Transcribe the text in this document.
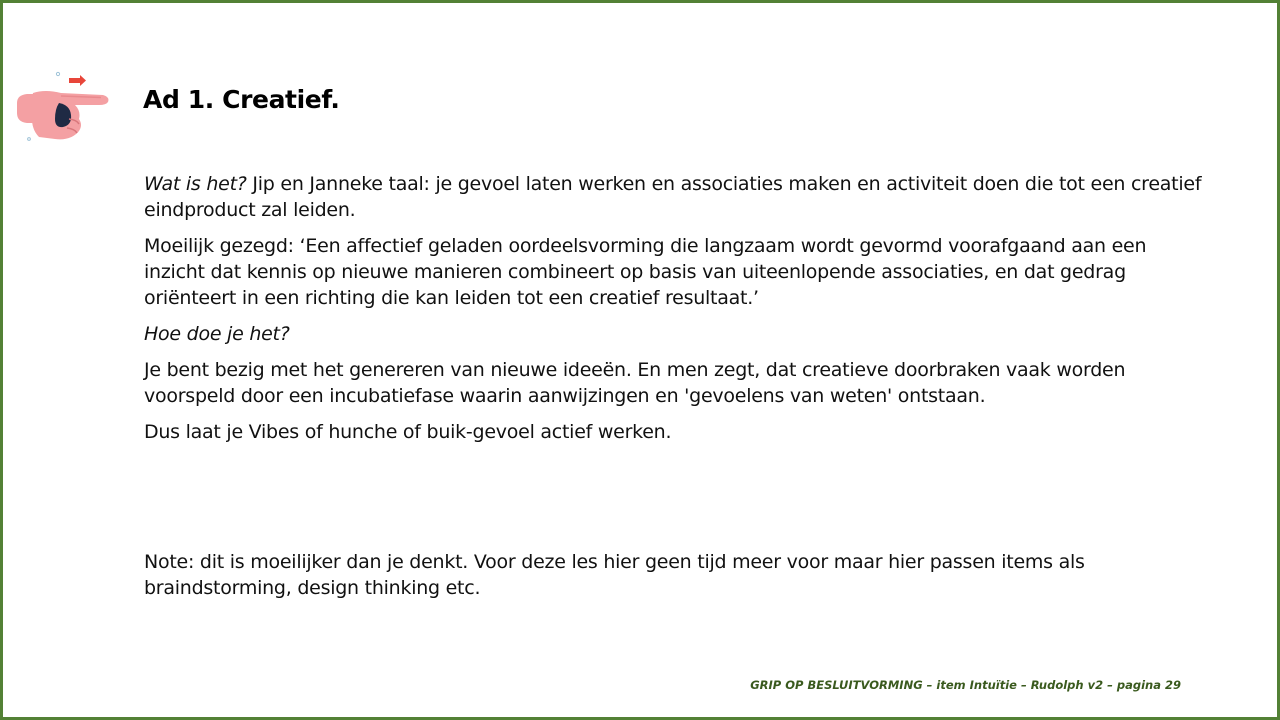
Ad 1. Creatief.

Wat is het? Jip en Janneke taal: je gevoel laten werken en associaties maken en activiteit doen die tot een creatief eindproduct zal leiden.

Moeilijk gezegd: ‘Een affectief geladen oordeelsvorming die langzaam wordt gevormd voorafgaand aan een inzicht dat kennis op nieuwe manieren combineert op basis van uiteenlopende associaties, en dat gedrag oriënteert in een richting die kan leiden tot een creatief resultaat.’

Hoe doe je het?

Je bent bezig met het genereren van nieuwe ideeën. En men zegt, dat creatieve doorbraken vaak worden voorspeld door een incubatiefase waarin aanwijzingen en 'gevoelens van weten' ontstaan.

Dus laat je Vibes of hunche of buik-gevoel actief werken.

Note: dit is moeilijker dan je denkt. Voor deze les hier geen tijd meer voor maar hier passen items als braindstorming, design thinking etc.

GRIP OP BESLUITVORMING – item Intuïtie – Rudolph v2 – pagina 29
